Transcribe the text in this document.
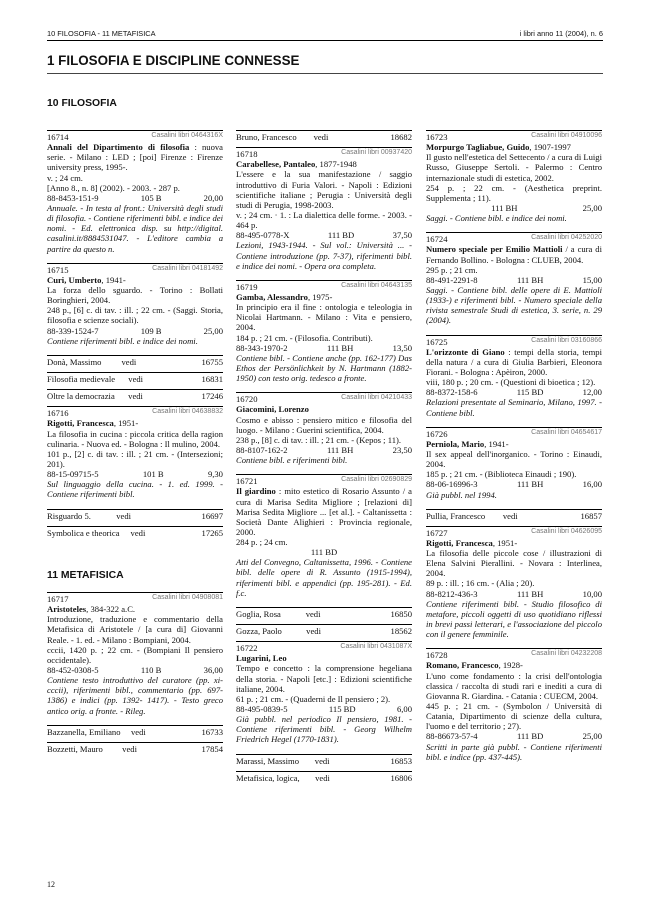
10 FILOSOFIA - 11 METAFISICA	i libri anno 11 (2004), n. 6
1 FILOSOFIA E DISCIPLINE CONNESSE
10 FILOSOFIA
16714	Casalini libri 0464316X
Annali del Dipartimento di filosofia : nuova serie. - Milano : LED ; [poi] Firenze : Firenze university press, 1995-.
v. ; 24 cm.
[Anno 8., n. 8] (2002). - 2003. - 287 p.
88-8453-151-9	105 B	20,00
Annuale. - In testa al front.: Università degli studi di filosofia. - Contiene riferimenti bibl. e indice dei nomi. - Ed. elettronica disp. su http://digital. casalini.it/8884531047. - L'editore cambia a partire da questo n.
16715	Casalini libri 04181492
Curi, Umberto, 1941-
La forza dello sguardo. - Torino : Bollati Boringhieri, 2004.
248 p., [6] c. di tav. : ill. ; 22 cm. - (Saggi. Storia, filosofia e scienze sociali).
88-339-1524-7	109 B	25,00
Contiene riferimenti bibl. e indice dei nomi.
Donà, Massimo vedi	16755
Filosofia medievale vedi	16831
Oltre la democrazia vedi	17246
16716	Casalini libri 04638832
Rigotti, Francesca, 1951-
La filosofia in cucina : piccola critica della ragion culinaria. - Nuova ed. - Bologna : Il mulino, 2004.
101 p., [2] c. di tav. : ill. ; 21 cm. - (Intersezioni; 201).
88-15-09715-5	101 B	9,30
Sul linguaggio della cucina. - 1. ed. 1999. - Contiene riferimenti bibl.
Risguardo 5.	vedi	16697
Symbolica e theorica vedi	17265
11 METAFISICA
16717	Casalini libri 04908081
Aristoteles, 384-322 a.C.
Introduzione, traduzione e commentario della Metafisica di Aristotele / [a cura di] Giovanni Reale. - 1. ed. - Milano : Bompiani, 2004.
cccii, 1420 p. ; 22 cm. - (Bompiani Il pensiero occidentale).
88-452-0308-5	110 B	36,00
Contiene testo introduttivo del curatore (pp. xi-cccii), riferimenti bibl., commentario (pp. 697-1386) e indici (pp. 1392- 1417). - Testo greco antico orig. a fronte. - Rileg.
Bazzanella, Emiliano vedi	16733
Bozzetti, Mauro vedi	17854
Bruno, Francesco vedi	18682
16718	Casalini libri 00937420
Carabellese, Pantaleo, 1877-1948
L'essere e la sua manifestazione / saggio introduttivo di Furia Valori. - Napoli : Edizioni scientifiche italiane ; Perugia : Università degli studi di Perugia, 1998-2003.
v. ; 24 cm. · 1. : La dialettica delle forme. - 2003. - 464 p.
88-495-0778-X	111 BD	37,50
Lezioni, 1943-1944. - Sul vol.: Università ... - Contiene introduzione (pp. 7-37), riferimenti bibl. e indice dei nomi. - Opera ora completa.
16719	Casalini libri 04643135
Gamba, Alessandro, 1975-
In principio era il fine : ontologia e teleologia in Nicolai Hartmann. - Milano : Vita e pensiero, 2004.
184 p. ; 21 cm. - (Filosofia. Contributi).
88-343-1970-2	111 BH	13,50
Contiene bibl. - Contiene anche (pp. 162-177) Das Ethos der Persönlichkeit by N. Hartmann (1882-1950) con testo orig. tedesco a fronte.
16720	Casalini libri 04210433
Giacomini, Lorenzo
Cosmo e abisso : pensiero mitico e filosofia del luogo. - Milano : Guerini scientifica, 2004.
238 p., [8] c. di tav. : ill. ; 21 cm. - (Kepos ; 11).
88-8107-162-2	111 BH	23,50
Contiene bibl. e riferimenti bibl.
16721	Casalini libri 02690829
Il giardino : mito estetico di Rosario Assunto / a cura di Marisa Sedita Migliore ; [relazioni di] Marisa Sedita Migliore ... [et al.]. - Caltanissetta : Società Dante Alighieri : Provincia regionale, 2000.
284 p. ; 24 cm.
111 BD
Atti del Convegno, Caltanissetta, 1996. - Contiene bibl. delle opere di R. Assunto (1915-1994), riferimenti bibl. e appendici (pp. 195-281). - Ed. f.c.
Goglia, Rosa	vedi	16850
Gozza, Paolo	vedi	18562
16722	Casalini libri 0431087X
Lugarini, Leo
Tempo e concetto : la comprensione hegeliana della storia. - Napoli [etc.] : Edizioni scientifiche italiane, 2004.
61 p. ; 21 cm. - (Quaderni de Il pensiero ; 2).
88-495-0839-5	115 BD	6,00
Già pubbl. nel periodico Il pensiero, 1981. - Contiene riferimenti bibl. - Georg Wilhelm Friedrich Hegel (1770-1831).
Marassi, Massimo vedi	16853
Metafisica, logica, vedi	16806
16723	Casalini libri 04910096
Morpurgo Tagliabue, Guido, 1907-1997
Il gusto nell'estetica del Settecento / a cura di Luigi Russo, Giuseppe Sertoli. - Palermo : Centro internazionale studi di estetica, 2002.
254 p. ; 22 cm. - (Aesthetica preprint. Supplementa ; 11).
111 BH	25,00
Saggi. - Contiene bibl. e indice dei nomi.
16724	Casalini libri 04252020
Numero speciale per Emilio Mattioli / a cura di Fernando Bollino. - Bologna : CLUEB, 2004.
295 p. ; 21 cm.
88-491-2291-8	111 BH	15,00
Saggi. - Contiene bibl. delle opere di E. Mattioli (1933-) e riferimenti bibl. - Numero speciale della rivista semestrale Studi di estetica, 3. serie, n. 29 (2004).
16725	Casalini libri 03160866
L'orizzonte di Giano : tempi della storia, tempi della natura / a cura di Giulia Barbieri, Eleonora Fiorani. - Bologna : Apèiron, 2000.
viii, 180 p. ; 20 cm. - (Questioni di bioetica ; 12).
88-8372-158-6	115 BD	12,00
Relazioni presentate al Seminario, Milano, 1997. - Contiene bibl.
16726	Casalini libri 04654617
Perniola, Mario, 1941-
Il sex appeal dell'inorganico. - Torino : Einaudi, 2004.
185 p. ; 21 cm. - (Biblioteca Einaudi ; 190).
88-06-16996-3	111 BH	16,00
Già pubbl. nel 1994.
Pullia, Francesco vedi	16857
16727	Casalini libri 04626095
Rigotti, Francesca, 1951-
La filosofia delle piccole cose / illustrazioni di Elena Salvini Pierallini. - Novara : Interlinea, 2004.
89 p. : ill. ; 16 cm. - (Alia ; 20).
88-8212-436-3	111 BH	10,00
Contiene riferimenti bibl. - Studio filosofico di metafore, piccoli oggetti di uso quotidiano riflessi in brevi passi letterari, e l'associazione del piccolo con il genere femminile.
16728	Casalini libri 04232208
Romano, Francesco, 1928-
L'uno come fondamento : la crisi dell'ontologia classica / raccolta di studi rari e inediti a cura di Giovanna R. Giardina. - Catania : CUECM, 2004.
445 p. ; 21 cm. - (Symbolon / Università di Catania, Dipartimento di scienze della cultura, l'uomo e del territorio ; 27).
88-86673-57-4	111 BD	25,00
Scritti in parte già pubbl. - Contiene riferimenti bibl. e indice (pp. 437-445).
12
